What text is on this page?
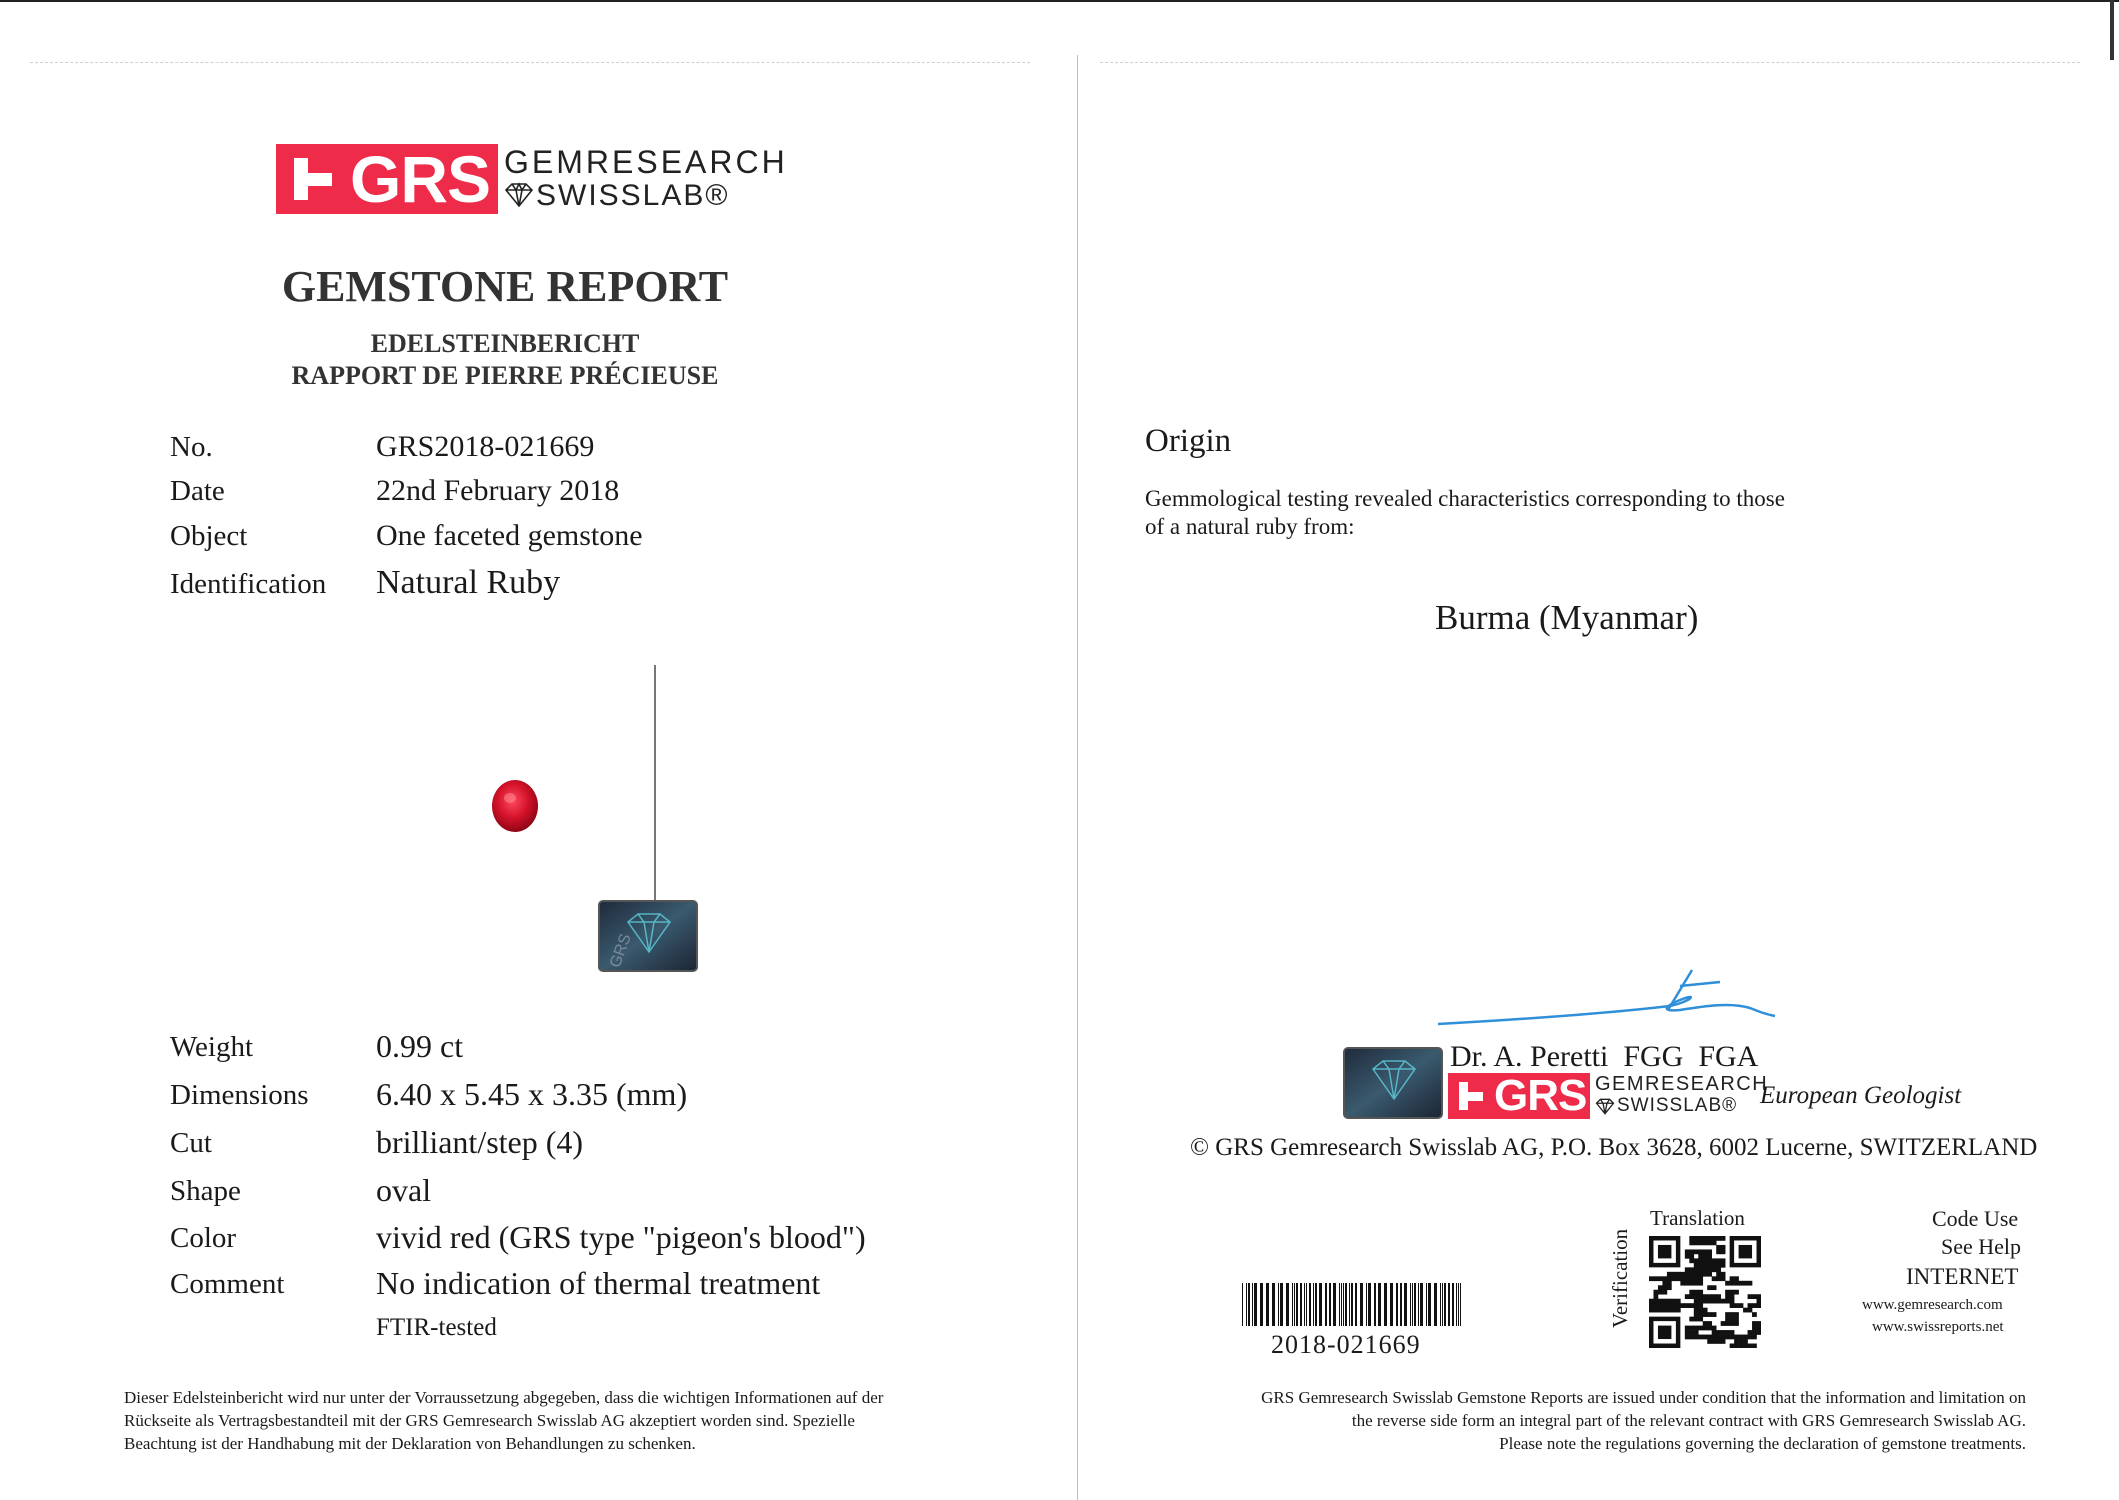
GRS GEMRESEARCH
SWISSLAB®
GEMSTONE REPORT
EDELSTEINBERICHT
RAPPORT DE PIERRE PRÉCIEUSE
No.	GRS2018-021669
Date	22nd February 2018
Object	One faceted gemstone
Identification Natural Ruby
GRS
Weight	0.99 ct
Dimensions 6.40 x 5.45 x 3.35 (mm)
Cut	brilliant/step (4)
Shape	oval
Color	vivid red (GRS type "pigeon's blood")
Comment	No indication of thermal treatment
FTIR-tested
Dieser Edelsteinbericht wird nur unter der Vorraussetzung abgegeben, dass die wichtigen Informationen auf der
Rückseite als Vertragsbestandteil mit der GRS Gemresearch Swisslab AG akzeptiert worden sind. Spezielle
Beachtung ist der Handhabung mit der Deklaration von Behandlungen zu schenken.
Origin
Gemmological testing revealed characteristics corresponding to those
of a natural ruby from:
Burma (Myanmar)
Dr. A. Peretti  FGG  FGA
GRS GEMRESEARCH
SWISSLAB® European Geologist
© GRS Gemresearch Swisslab AG, P.O. Box 3628, 6002 Lucerne, SWITZERLAND
2018-021669
Translation
Verification
Code Use
See Help
INTERNET
www.gemresearch.com
www.swissreports.net
GRS Gemresearch Swisslab Gemstone Reports are issued under condition that the information and limitation on
the reverse side form an integral part of the relevant contract with GRS Gemresearch Swisslab AG.
Please note the regulations governing the declaration of gemstone treatments.
